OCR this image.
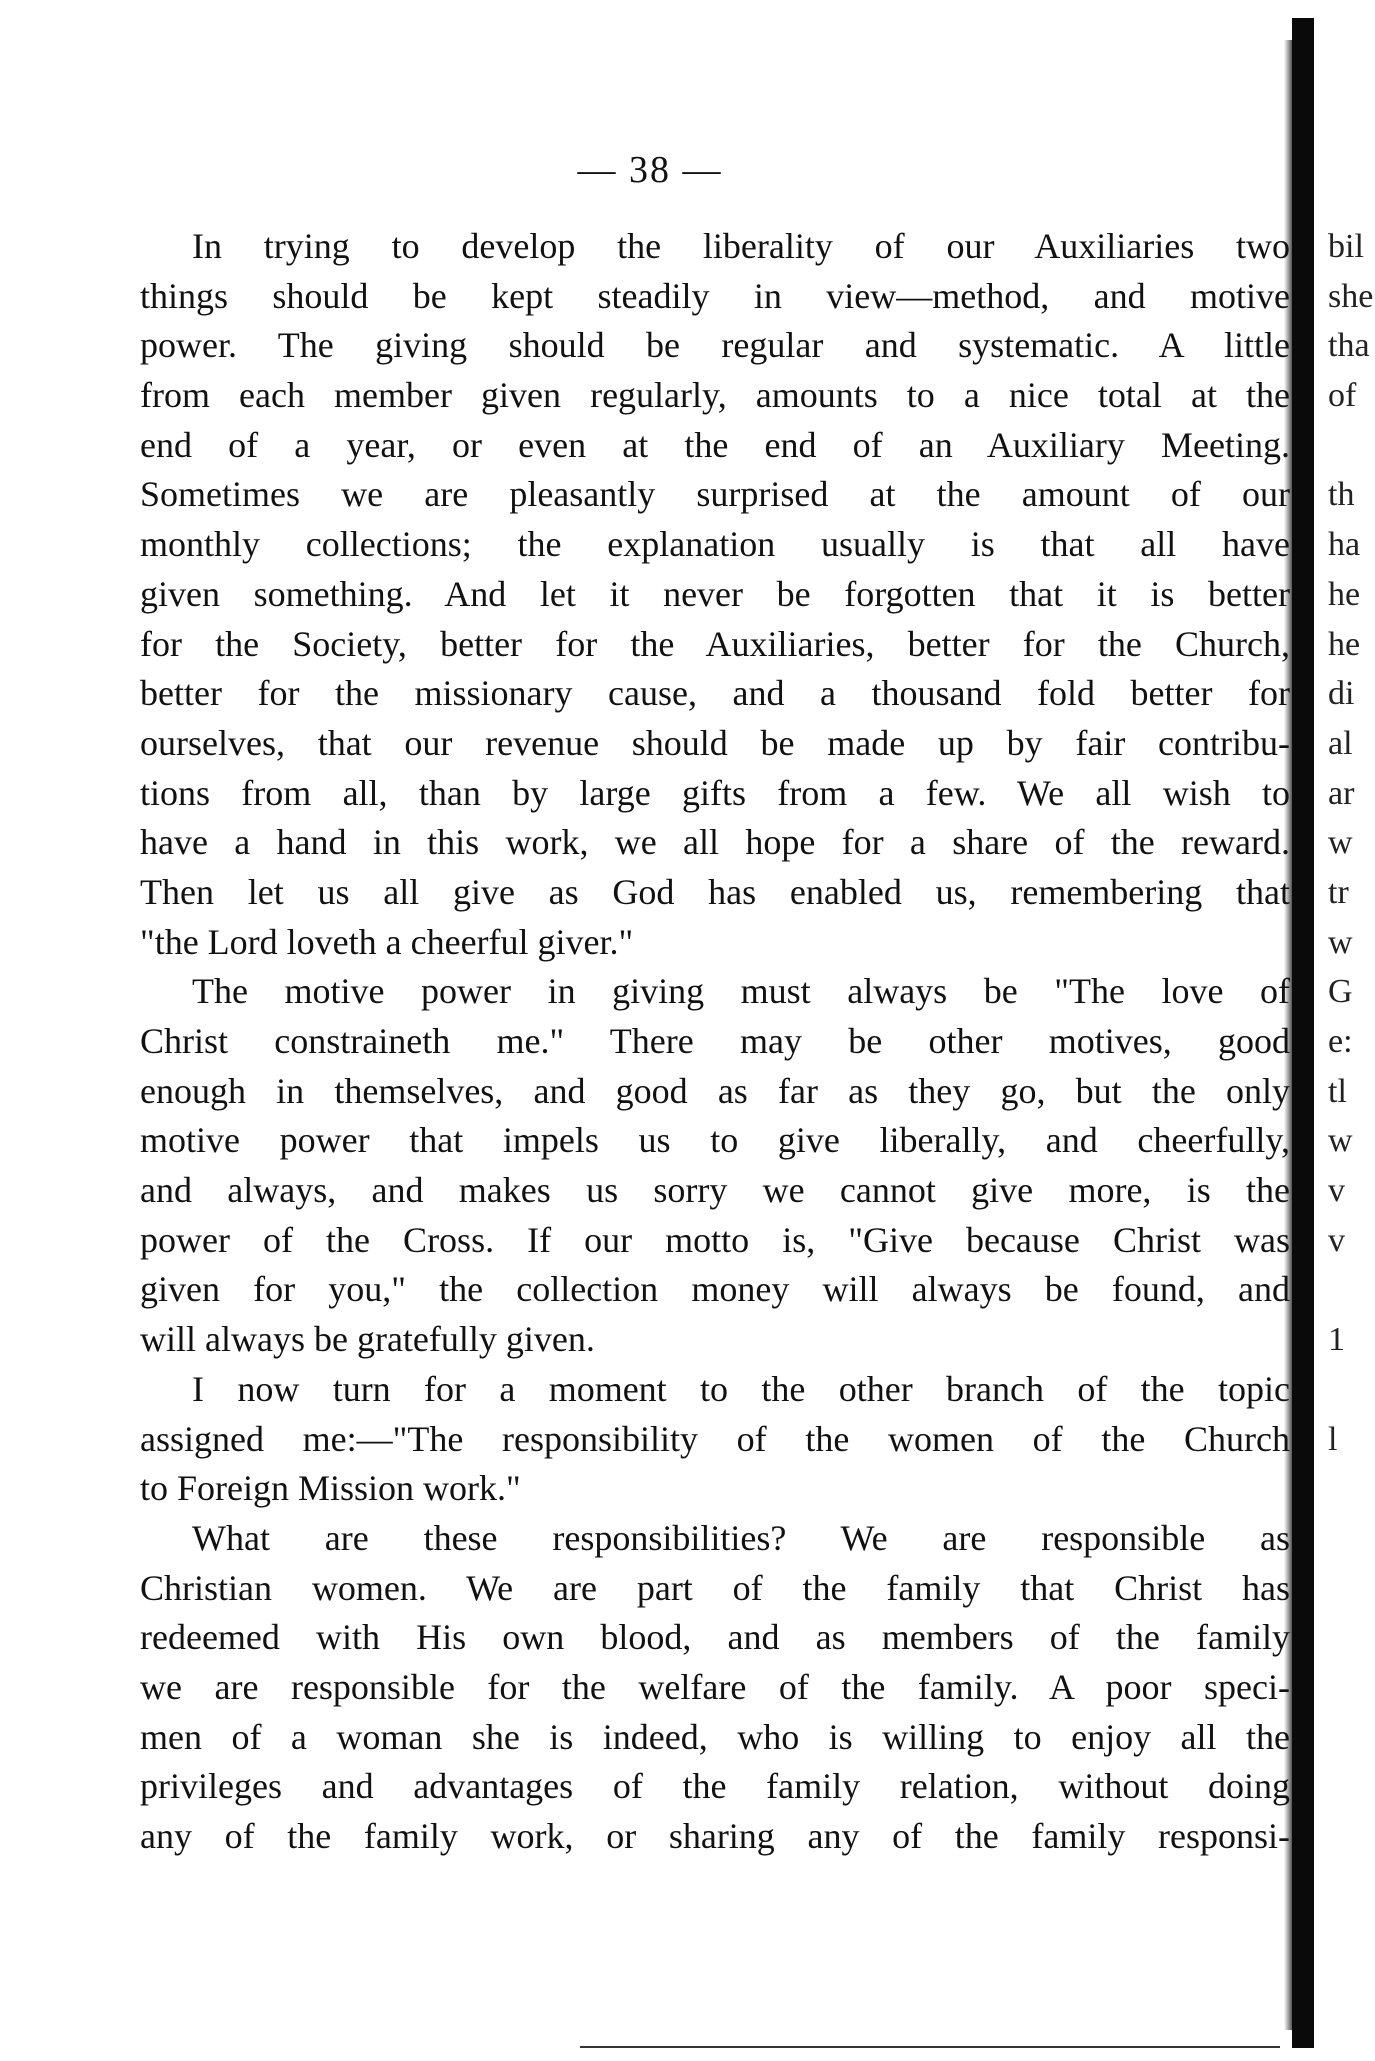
— 38 —
In trying to develop the liberality of our Auxiliaries two
things should be kept steadily in view—method, and motive
power. The giving should be regular and systematic. A little
from each member given regularly, amounts to a nice total at the
end of a year, or even at the end of an Auxiliary Meeting.
Sometimes we are pleasantly surprised at the amount of our
monthly collections; the explanation usually is that all have
given something. And let it never be forgotten that it is better
for the Society, better for the Auxiliaries, better for the Church,
better for the missionary cause, and a thousand fold better for
ourselves, that our revenue should be made up by fair contribu-
tions from all, than by large gifts from a few. We all wish to
have a hand in this work, we all hope for a share of the reward.
Then let us all give as God has enabled us, remembering that
"the Lord loveth a cheerful giver."
The motive power in giving must always be "The love of
Christ constraineth me." There may be other motives, good
enough in themselves, and good as far as they go, but the only
motive power that impels us to give liberally, and cheerfully,
and always, and makes us sorry we cannot give more, is the
power of the Cross. If our motto is, "Give because Christ was
given for you," the collection money will always be found, and
will always be gratefully given.
I now turn for a moment to the other branch of the topic
assigned me:—"The responsibility of the women of the Church
to Foreign Mission work."
What are these responsibilities? We are responsible as
Christian women. We are part of the family that Christ has
redeemed with His own blood, and as members of the family
we are responsible for the welfare of the family. A poor speci-
men of a woman she is indeed, who is willing to enjoy all the
privileges and advantages of the family relation, without doing
any of the family work, or sharing any of the family responsi-
bil
she
tha
of
th
ha
he
he
di
al
ar
w
tr
w
G
e:
tl
w
v
v
1
l
